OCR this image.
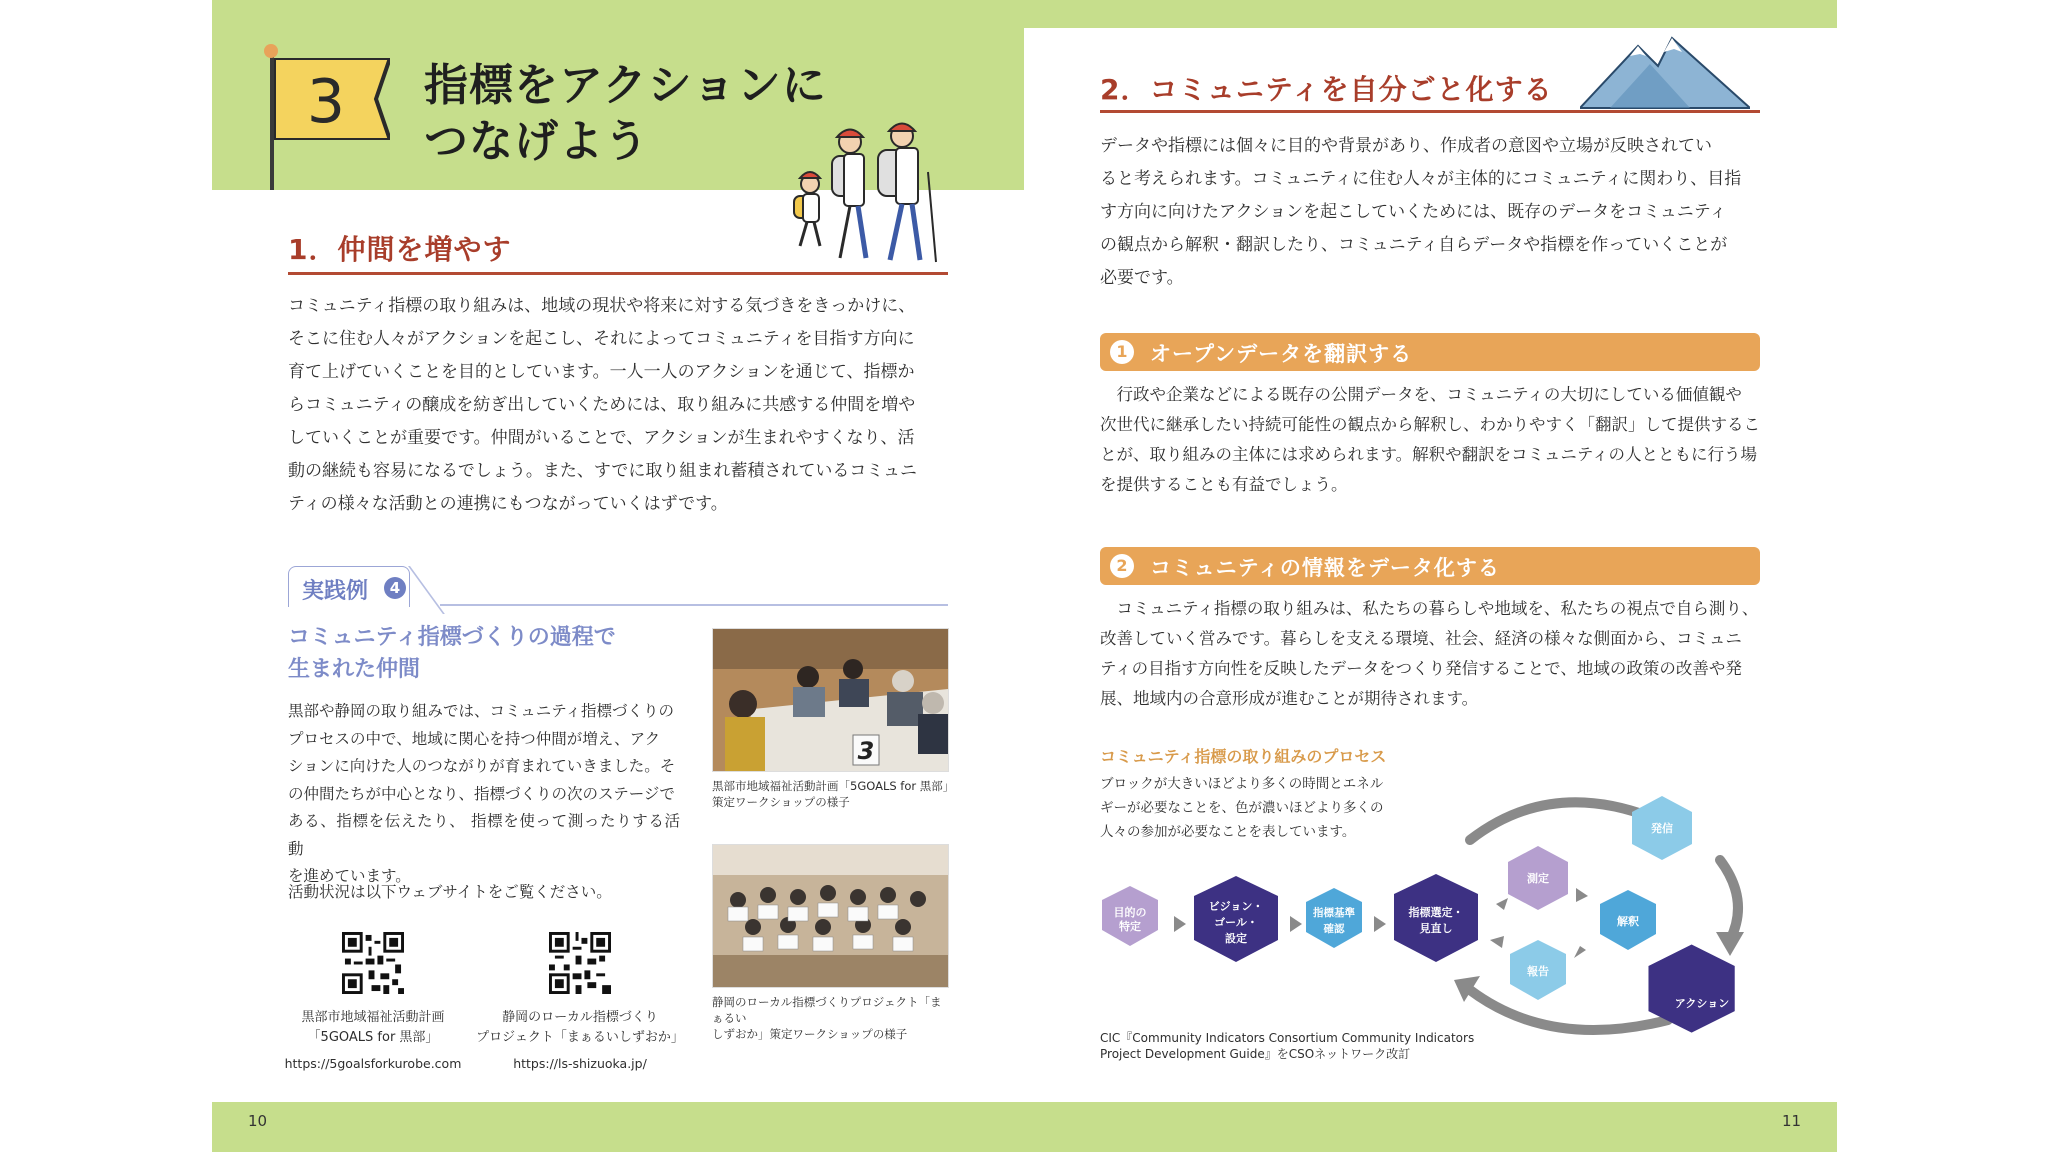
3 指標をアクションに
つなげよう
1．仲間を増やす
コミュニティ指標の取り組みは、地域の現状や将来に対する気づきをきっかけに、
そこに住む人々がアクションを起こし、それによってコミュニティを目指す方向に
育て上げていくことを目的としています。一人一人のアクションを通じて、指標か
らコミュニティの醸成を紡ぎ出していくためには、取り組みに共感する仲間を増や
していくことが重要です。仲間がいることで、アクションが生まれやすくなり、活
動の継続も容易になるでしょう。また、すでに取り組まれ蓄積されているコミュニ
ティの様々な活動との連携にもつながっていくはずです。
実践例	4
コミュニティ指標づくりの過程で
生まれた仲間
黒部や静岡の取り組みでは、コミュニティ指標づくりの
プロセスの中で、地域に関心を持つ仲間が増え、アク
ションに向けた人のつながりが育まれていきました。そ
の仲間たちが中心となり、指標づくりの次のステージで
ある、指標を伝えたり、 指標を使って測ったりする活動
を進めています。
活動状況は以下ウェブサイトをご覧ください。
黒部市地域福祉活動計画
「5GOALS for 黒部」
https://5goalsforkurobe.com
静岡のローカル指標づくり
プロジェクト「まぁるいしずおか」
https://ls-shizuoka.jp/
3
黒部市地域福祉活動計画「5GOALS for 黒部」
策定ワークショップの様子
静岡のローカル指標づくりプロジェクト「まぁるい
しずおか」策定ワークショップの様子
2．コミュニティを自分ごと化する
データや指標には個々に目的や背景があり、作成者の意図や立場が反映されてい
ると考えられます。コミュニティに住む人々が主体的にコミュニティに関わり、目指
す方向に向けたアクションを起こしていくためには、既存のデータをコミュニティ
の観点から解釈・翻訳したり、コミュニティ自らデータや指標を作っていくことが
必要です。
1	オープンデータを翻訳する
　行政や企業などによる既存の公開データを、コミュニティの大切にしている価値観や
次世代に継承したい持続可能性の観点から解釈し、わかりやすく「翻訳」して提供するこ
とが、取り組みの主体には求められます。解釈や翻訳をコミュニティの人とともに行う場
を提供することも有益でしょう。
2	コミュニティの情報をデータ化する
　コミュニティ指標の取り組みは、私たちの暮らしや地域を、私たちの視点で自ら測り、
改善していく営みです。暮らしを支える環境、社会、経済の様々な側面から、コミュニ
ティの目指す方向性を反映したデータをつくり発信することで、地域の政策の改善や発
展、地域内の合意形成が進むことが期待されます。
コミュニティ指標の取り組みのプロセス
ブロックが大きいほどより多くの時間とエネル
ギーが必要なことを、色が濃いほどより多くの
人々の参加が必要なことを表しています。
目的の
特定
ビジョン・
ゴール・
設定
指標基準
確認
指標選定・
見直し
測定
解釈
報告
発信
アクション
CIC『Community Indicators Consortium Community Indicators
Project Development Guide』をCSOネットワーク改訂
10	11
